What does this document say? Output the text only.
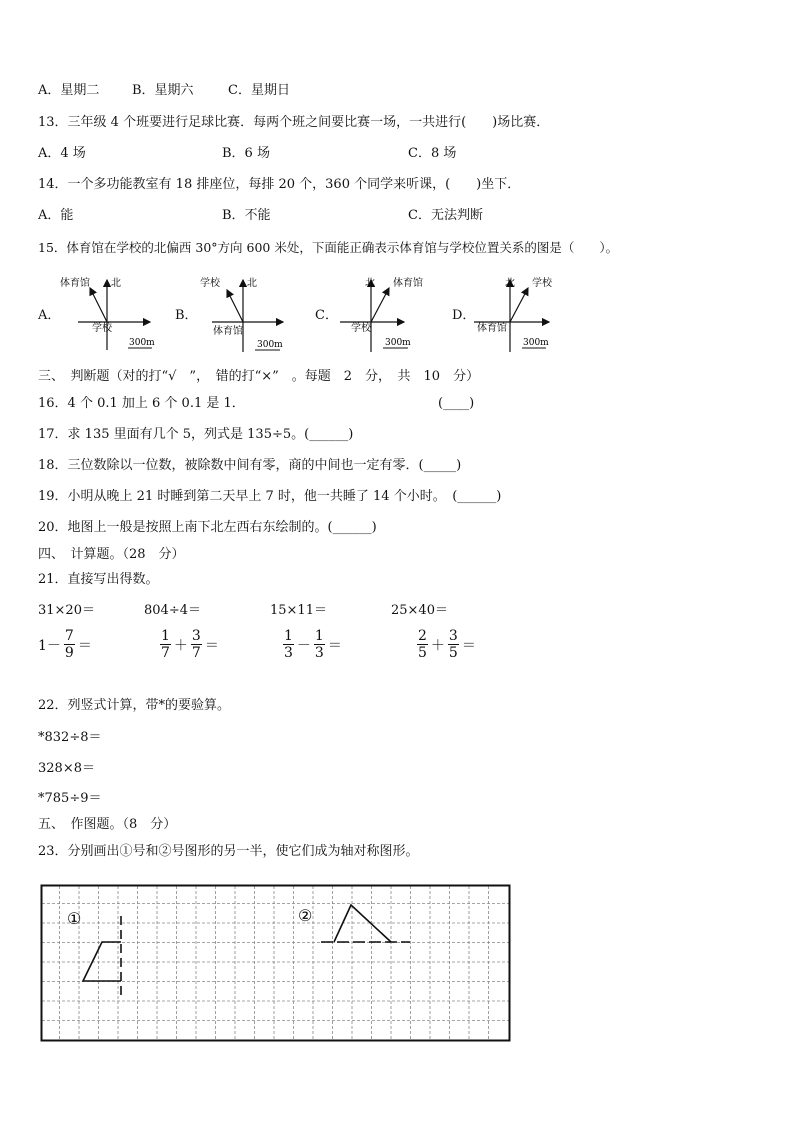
A．星期二	B．星期六	C．星期日
13．三年级 4 个班要进行足球比赛．每两个班之间要比赛一场，一共进行(　　)场比赛．
A．4 场	B．6 场	C．8 场
14．一个多功能教室有 18 排座位，每排 20 个，360 个同学来听课，(　　)坐下．
A．能	B．不能	C．无法判断
15．体育馆在学校的北偏西 30°方向 600 米处，下面能正确表示体育馆与学校位置关系的图是（　　）。
A．	B．	C．	D．
体育馆 北
学校
300m
学校	北
体育馆
300m
北 体育馆
学校
300m
北 学校
体育馆
300m
三、　判断题（对的打“√　”，　错的打“×”　。每题　2　分，　共　10　分）
16．4 个 0.1 加上 6 个 0.1 是 1．	(____)
17．求 135 里面有几个 5，列式是 135÷5。(______)
18．三位数除以一位数，被除数中间有零，商的中间也一定有零．(_____)
19．小明从晚上 21 时睡到第二天早上 7 时，他一共睡了 14 个小时。　(______)
20．地图上一般是按照上南下北左西右东绘制的。(______)
四、　计算题。（28　分）
21．直接写出得数。
31×20＝	804÷4＝	15×11＝	25×40＝
1－
7
9 ＝
1
7 ＋
3
7 ＝
1
3 －
1
3 ＝
2
5 ＋
3
5 ＝
22．列竖式计算，带*的要验算。
*832÷8＝
328×8＝
*785÷9＝
五、　作图题。（8　分）
23．分别画出①号和②号图形的另一半，使它们成为轴对称图形。
①	②
